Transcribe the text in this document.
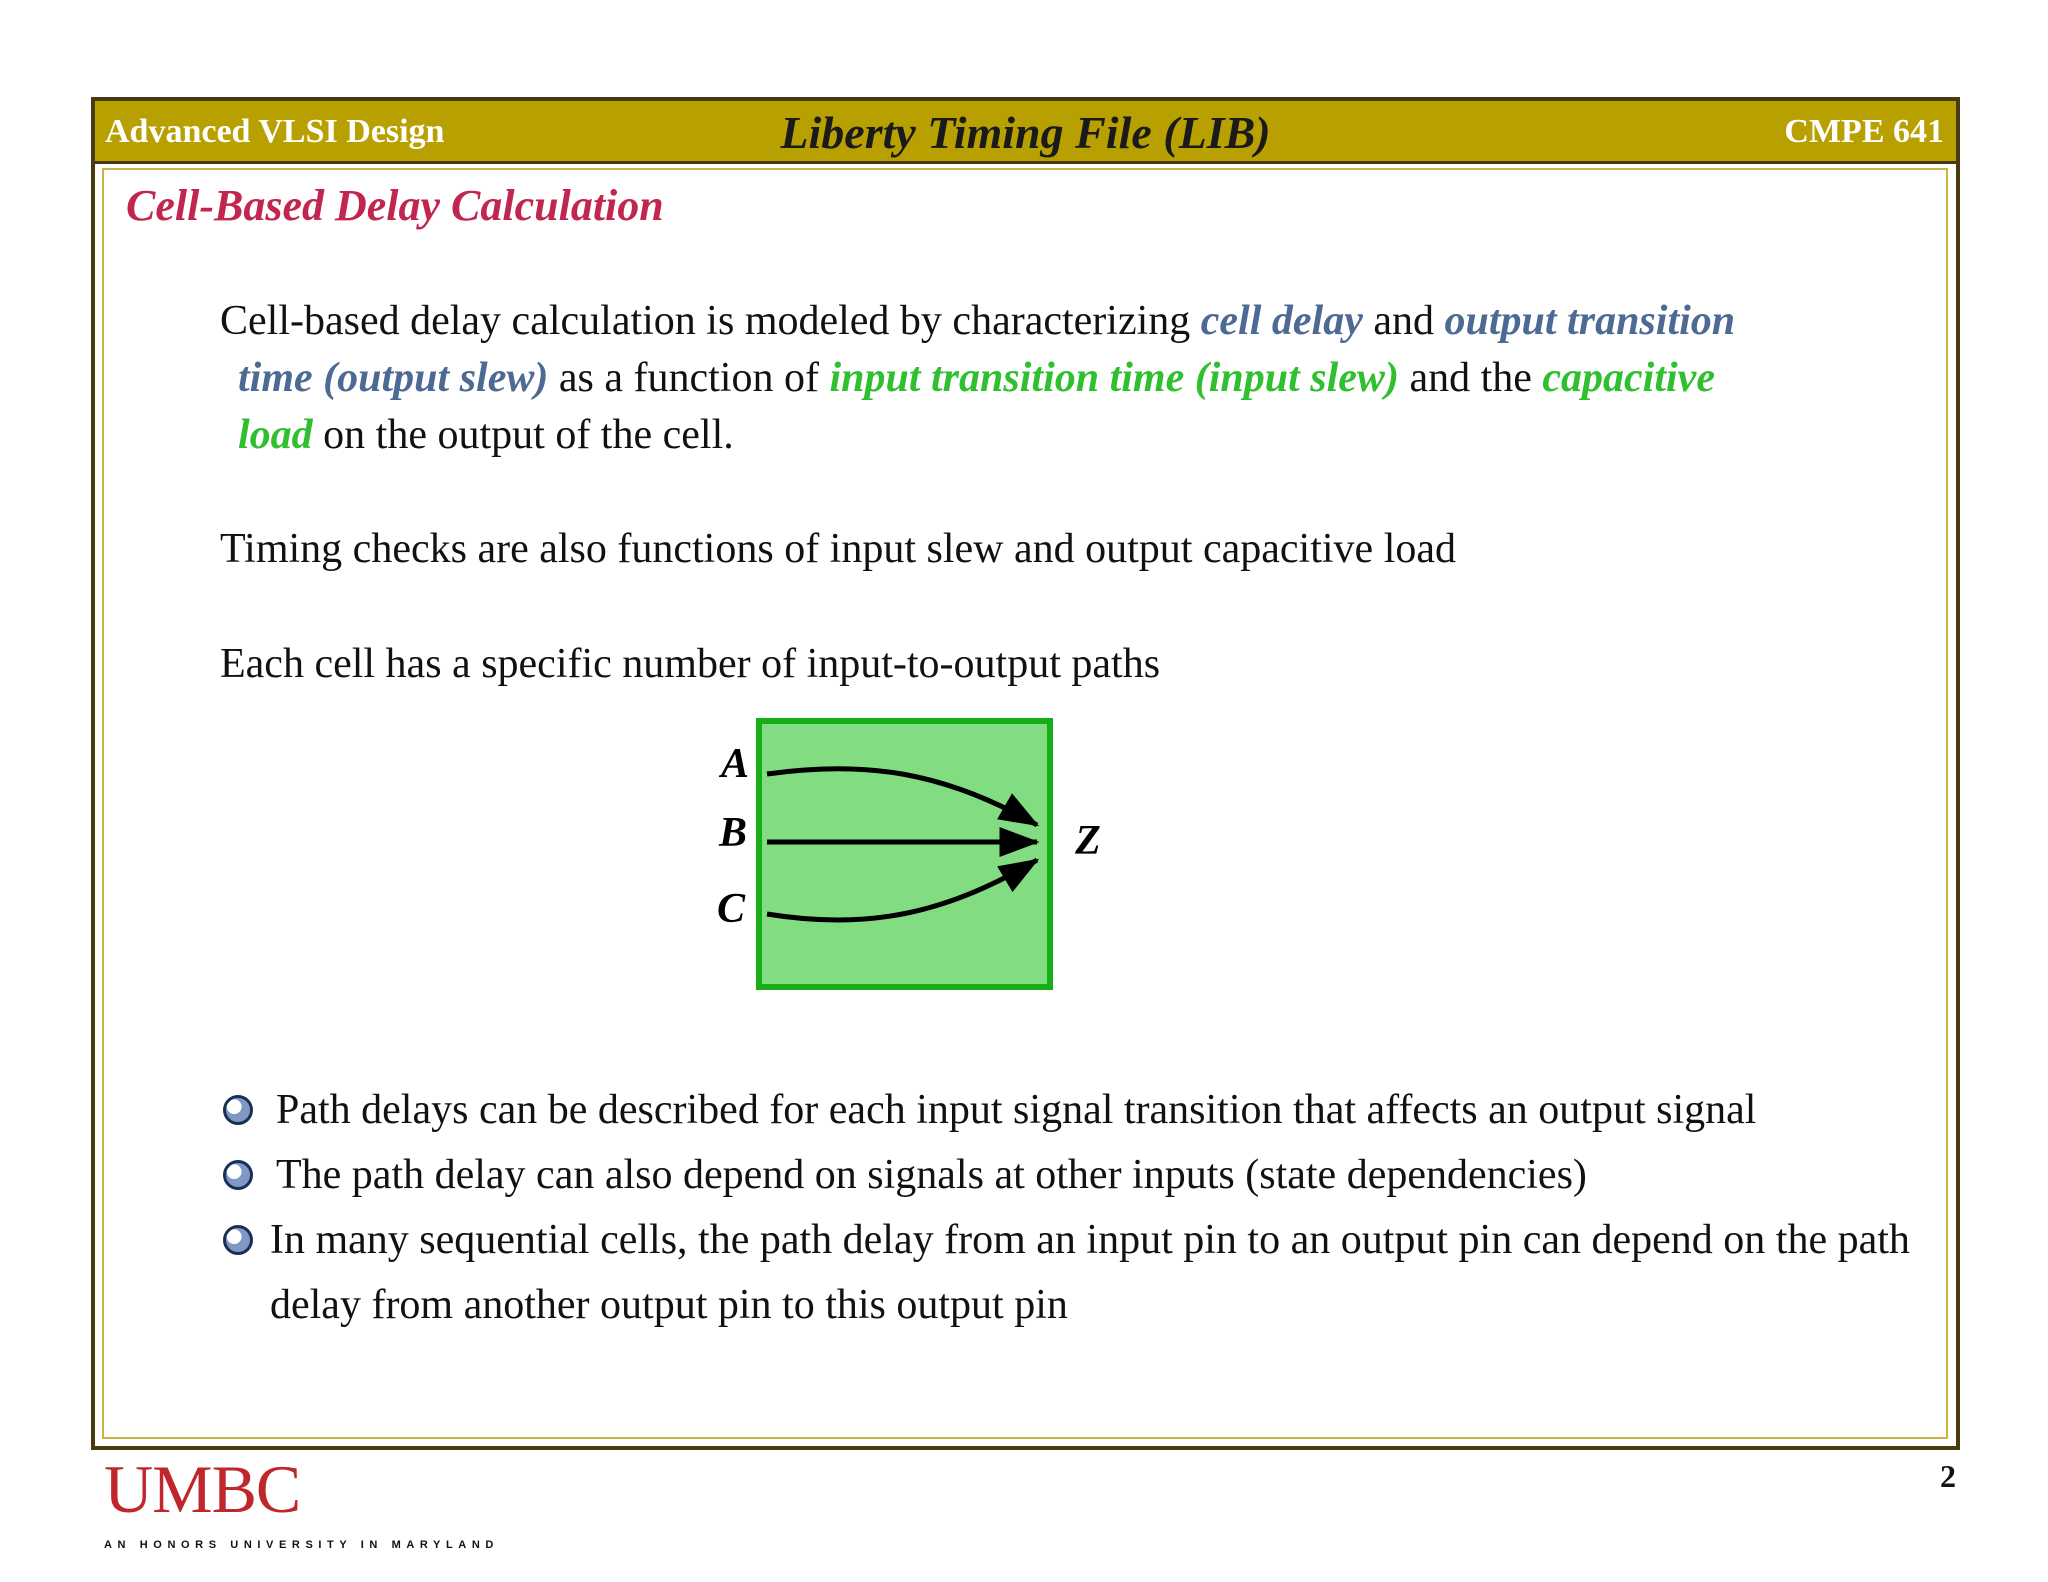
Advanced VLSI Design	Liberty Timing File (LIB)	CMPE 641
Cell-Based Delay Calculation
Cell-based delay calculation is modeled by characterizing cell delay and output transition
time (output slew) as a function of input transition time (input slew) and the capacitive
load on the output of the cell.
Timing checks are also functions of input slew and output capacitive load
Each cell has a specific number of input-to-output paths
A
B
C
Z
Path delays can be described for each input signal transition that affects an output signal
The path delay can also depend on signals at other inputs (state dependencies)
In many sequential cells, the path delay from an input pin to an output pin can depend on the path delay from another output pin to this output pin
UMBC
AN HONORS UNIVERSITY IN MARYLAND
2
